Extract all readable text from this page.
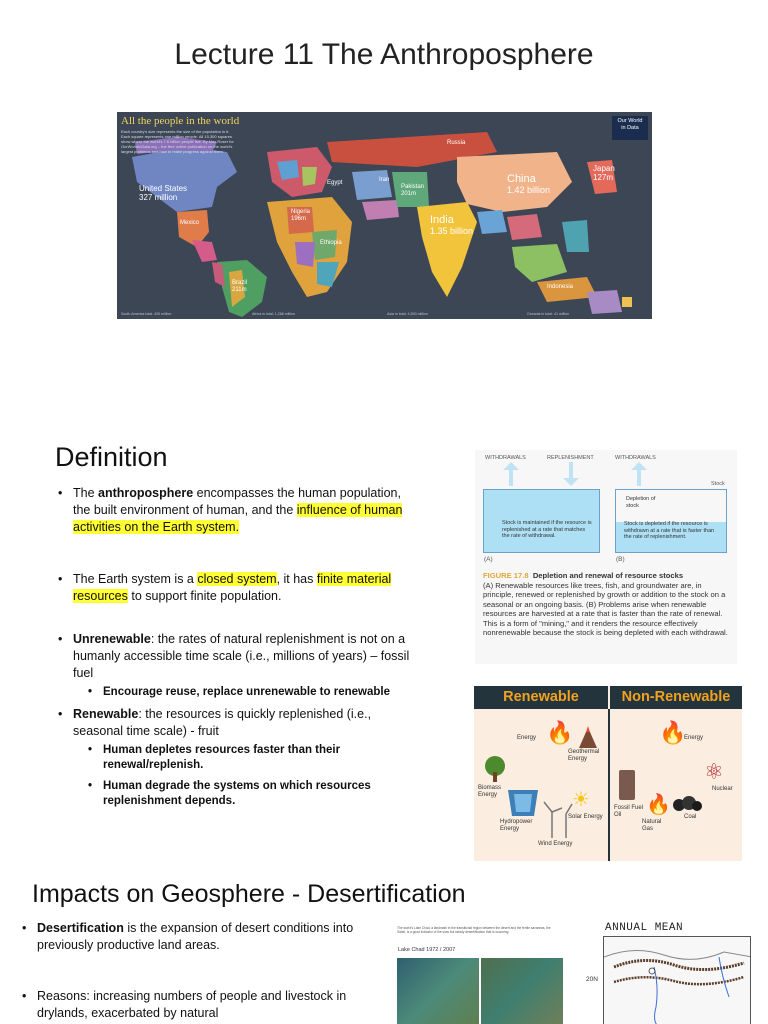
Lecture 11 The Anthroposphere
All the people in the world
Each country's size represents the size of the population in it. Each square represents one million people. All 15,300 squares show where the world's 7.6 billion people live. By Max Roser for OurWorldInData.org – the free online publication on the world's largest problems and how to make progress against them.
Our World
in Data
United States
327 million
Mexico
Brazil
211m
Nigeria
196m
Pakistan
201m
Iran
Egypt
Ethiopia
Russia
China
1.42 billion
India
1.35 billion
Japan
127m
Indonesia
South America total: 426 million	Africa in total: 1,288 million	Asia in total: 4,500 million	Oceania in total: 41 million
Definition
• The anthroposphere encompasses the human population, the built environment of human, and the influence of human activities on the Earth system.
• The Earth system is a closed system, it has finite material resources to support finite population.
• Unrenewable: the rates of natural replenishment is not on a humanly accessible time scale (i.e., millions of years) – fossil fuel
• Encourage reuse, replace unrenewable to renewable
• Renewable: the resources is quickly replenished (i.e., seasonal time scale) - fruit
• Human depletes resources faster than their renewal/replenish.
• Human degrade the systems on which resources replenishment depends.
WITHDRAWALS	REPLENISHMENT	WITHDRAWALS
Stock is maintained if the resource is replenished at a rate that matches the rate of withdrawal.
Depletion of stock
Stock is depleted if the resource is withdrawn at a rate that is faster than the rate of replenishment.
Stock
(A)	(B)
FIGURE 17.8 Depletion and renewal of resource stocks
(A) Renewable resources like trees, fish, and groundwater are, in principle, renewed or replenished by growth or addition to the stock on a seasonal or an ongoing basis. (B) Problems arise when renewable resources are harvested at a rate that is faster than the rate of renewal. This is a form of "mining," and it renders the resource effectively nonrenewable because the stock is being depleted with each withdrawal.
Renewable	Non-Renewable
🔥
Energy
Geothermal Energy
Biomass Energy
Hydropower Energy
Wind Energy
☀
Solar Energy
🔥
Energy
Fossil Fuel Oil
⚛
Nuclear
🔥
Natural Gas
Coal
Impacts on Geosphere - Desertification
• Desertification is the expansion of desert conditions into previously productive land areas.
• Reasons: increasing numbers of people and livestock in drylands, exacerbated by natural
The world's Lake Chad, a landmark in the transitional region between the desert and the fertile savannas, the Sahel, is a good indicator of the slow but steady desertification that is occurring.
Lake Chad 1972 / 2007
ANNUAL MEAN
20N
